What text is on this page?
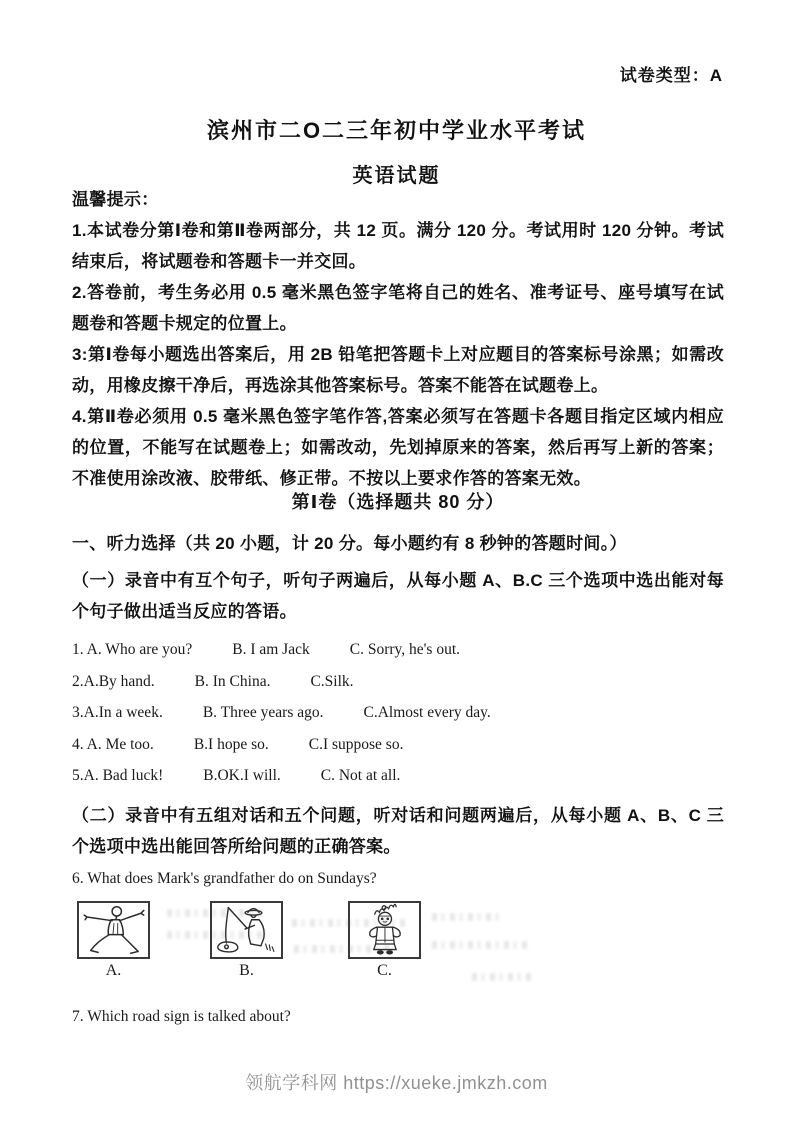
试卷类型：A
滨州市二O二三年初中学业水平考试
英语试题

温馨提示：

1.本试卷分第Ⅰ卷和第Ⅱ卷两部分，共 12 页。满分 120 分。考试用时 120 分钟。考试结束后，将试题卷和答题卡一并交回。

2.答卷前，考生务必用 0.5 毫米黑色签字笔将自己的姓名、准考证号、座号填写在试题卷和答题卡规定的位置上。

3:第Ⅰ卷每小题选出答案后，用 2B 铅笔把答题卡上对应题目的答案标号涂黑；如需改动，用橡皮擦干净后，再选涂其他答案标号。答案不能答在试题卷上。

4.第Ⅱ卷必须用 0.5 毫米黑色签字笔作答,答案必须写在答题卡各题目指定区域内相应的位置，不能写在试题卷上；如需改动，先划掉原来的答案，然后再写上新的答案；不准使用涂改液、胶带纸、修正带。不按以上要求作答的答案无效。

第Ⅰ卷（选择题共 80 分）

一、听力选择（共 20 小题，计 20 分。每小题约有 8 秒钟的答题时间。）

（一）录音中有互个句子，听句子两遍后，从每小题 A、B.C 三个选项中选出能对每个句子做出适当反应的答语。

1. A. Who are you?	B. I am Jack	C. Sorry, he's out.

2.A.By hand.	B. In China.	C.Silk.

3.A.In a week.	B. Three years ago.	C.Almost every day.

4. A. Me too.	B.I hope so.	C.I suppose so.

5.A. Bad luck!	B.OK.I will.	C. Not at all.

（二）录音中有五组对话和五个问题，听对话和问题两遍后，从每小题 A、B、C 三个选项中选出能回答所给问题的正确答案。

6. What does Mark's grandfather do on Sundays?

A.	B.	C.

7. Which road sign is talked about?

领航学科网 https://xueke.jmkzh.com
